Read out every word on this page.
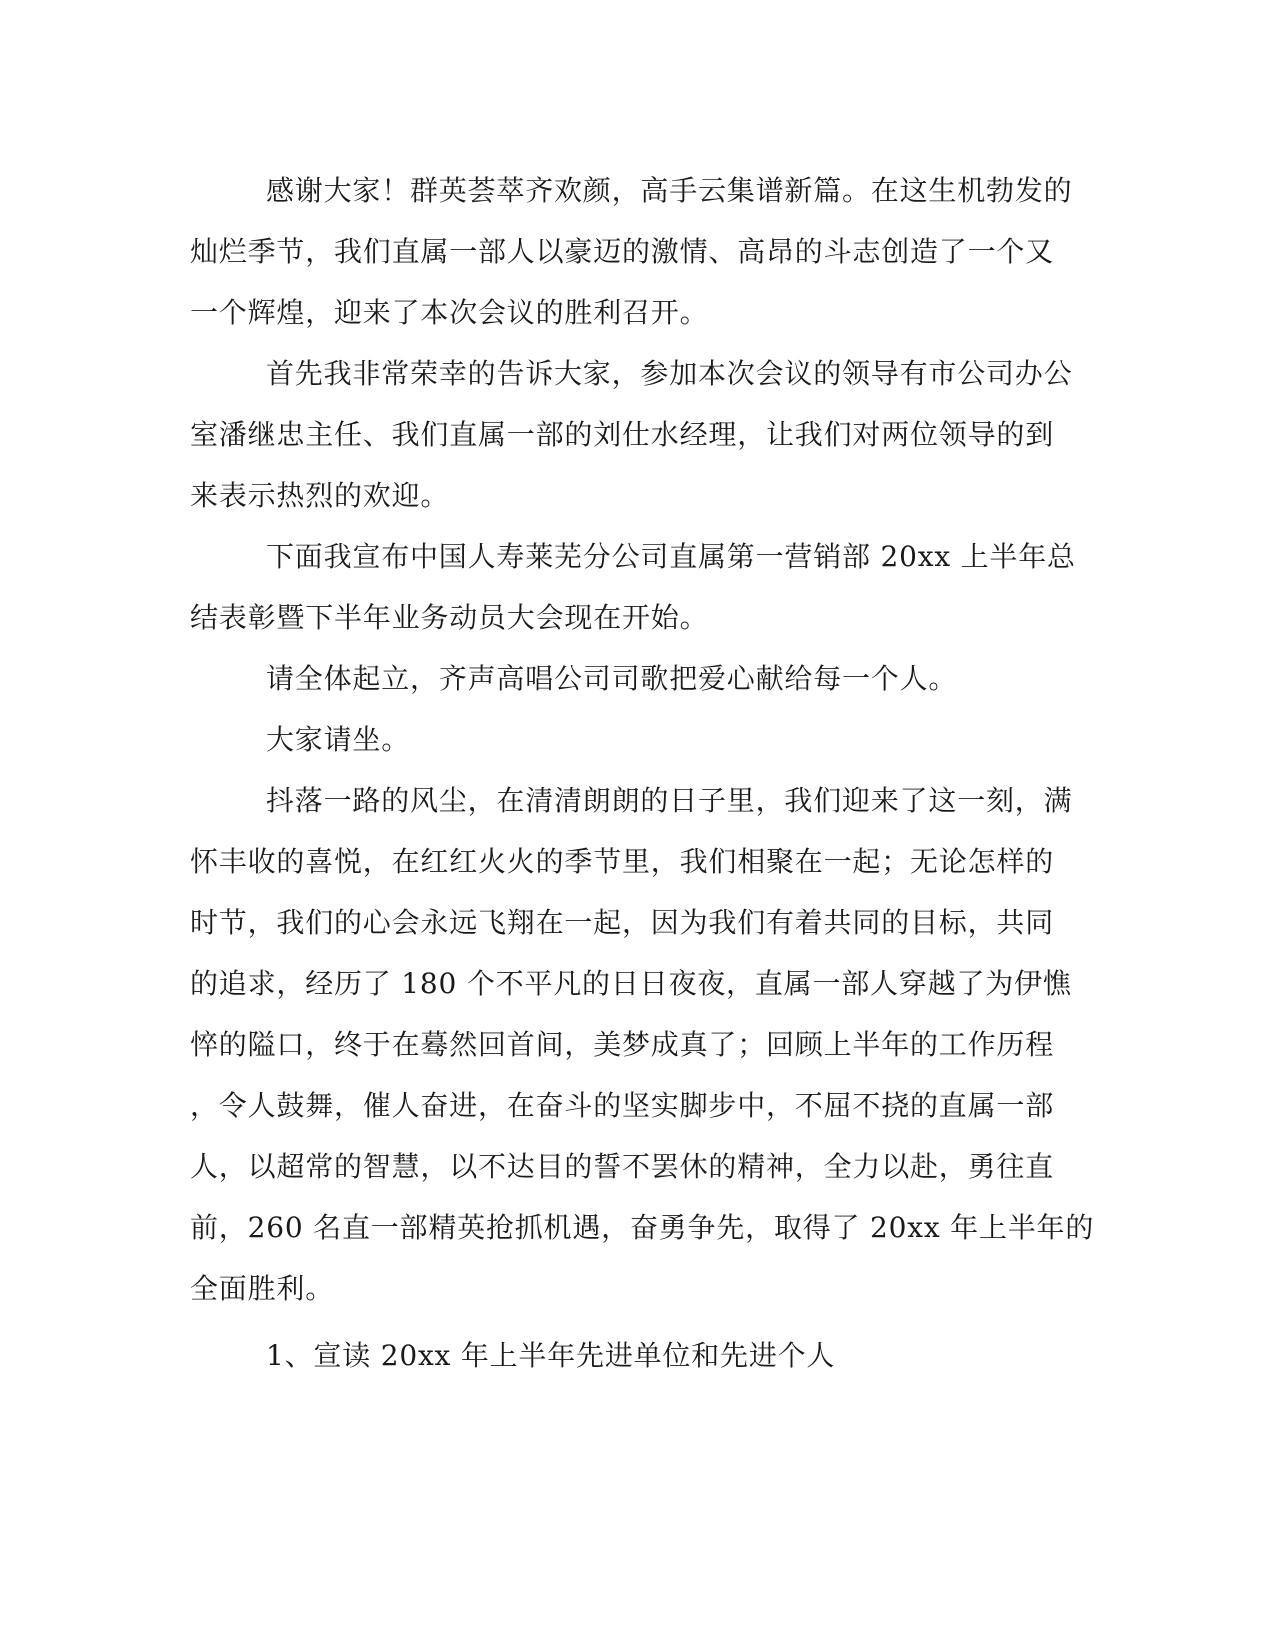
感谢大家！群英荟萃齐欢颜，高手云集谱新篇。在这生机勃发的
灿烂季节，我们直属一部人以豪迈的激情、高昂的斗志创造了一个又
一个辉煌，迎来了本次会议的胜利召开。
首先我非常荣幸的告诉大家，参加本次会议的领导有市公司办公
室潘继忠主任、我们直属一部的刘仕水经理，让我们对两位领导的到
来表示热烈的欢迎。
下面我宣布中国人寿莱芜分公司直属第一营销部 20xx 上半年总
结表彰暨下半年业务动员大会现在开始。
请全体起立，齐声高唱公司司歌把爱心献给每一个人。
大家请坐。
抖落一路的风尘，在清清朗朗的日子里，我们迎来了这一刻，满
怀丰收的喜悦，在红红火火的季节里，我们相聚在一起；无论怎样的
时节，我们的心会永远飞翔在一起，因为我们有着共同的目标，共同
的追求，经历了 180 个不平凡的日日夜夜，直属一部人穿越了为伊憔
悴的隘口，终于在蓦然回首间，美梦成真了；回顾上半年的工作历程
，令人鼓舞，催人奋进，在奋斗的坚实脚步中，不屈不挠的直属一部
人，以超常的智慧，以不达目的誓不罢休的精神，全力以赴，勇往直
前，260 名直一部精英抢抓机遇，奋勇争先，取得了 20xx 年上半年的
全面胜利。
1、宣读 20xx 年上半年先进单位和先进个人
